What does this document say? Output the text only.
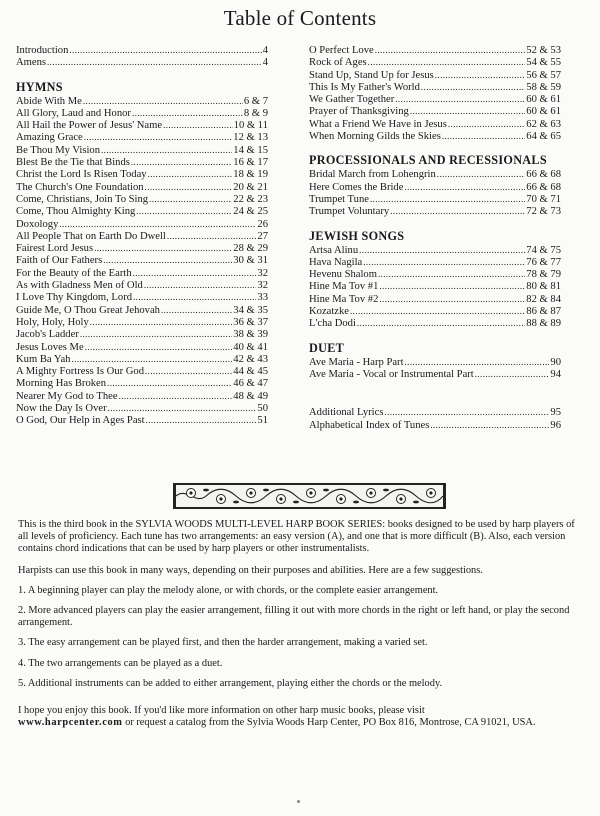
Table of Contents
Introduction .....	4
Amens .....	4
HYMNS
Abide With Me .....	6 & 7
All Glory, Laud and Honor .....	8 & 9
All Hail the Power of Jesus' Name .....	10 & 11
Amazing Grace .....	12 & 13
Be Thou My Vision .....	14 & 15
Blest Be the Tie that Binds .....	16 & 17
Christ the Lord Is Risen Today .....	18 & 19
The Church's One Foundation .....	20 & 21
Come, Christians, Join To Sing .....	22 & 23
Come, Thou Almighty King .....	24 & 25
Doxology .....	26
All People That on Earth Do Dwell .....	27
Fairest Lord Jesus .....	28 & 29
Faith of Our Fathers .....	30 & 31
For the Beauty of the Earth .....	32
As with Gladness Men of Old .....	32
I Love Thy Kingdom, Lord .....	33
Guide Me, O Thou Great Jehovah .....	34 & 35
Holy, Holy, Holy .....	36 & 37
Jacob's Ladder .....	38 & 39
Jesus Loves Me .....	40 & 41
Kum Ba Yah .....	42 & 43
A Mighty Fortress Is Our God .....	44 & 45
Morning Has Broken .....	46 & 47
Nearer My God to Thee .....	48 & 49
Now the Day Is Over .....	50
O God, Our Help in Ages Past .....	51
O Perfect Love .....	52 & 53
Rock of Ages .....	54 & 55
Stand Up, Stand Up for Jesus .....	56 & 57
This Is My Father's World .....	58 & 59
We Gather Together .....	60 & 61
Prayer of Thanksgiving .....	60 & 61
What a Friend We Have in Jesus .....	62 & 63
When Morning Gilds the Skies .....	64 & 65
PROCESSIONALS AND RECESSIONALS
Bridal March from Lohengrin .....	66 & 68
Here Comes the Bride .....	66 & 68
Trumpet Tune .....	70 & 71
Trumpet Voluntary .....	72 & 73
JEWISH SONGS
Artsa Alinu .....	74 & 75
Hava Nagila .....	76 & 77
Hevenu Shalom .....	78 & 79
Hine Ma Tov #1 .....	80 & 81
Hine Ma Tov #2 .....	82 & 84
Kozatzke .....	86 & 87
L'cha Dodi .....	88 & 89
DUET
Ave Maria - Harp Part .....	90
Ave Maria - Vocal or Instrumental Part .....	94
Additional Lyrics .....	95
Alphabetical Index of Tunes .....	96

This is the third book in the SYLVIA WOODS MULTI-LEVEL HARP BOOK SERIES: books designed to be used by harp players of all levels of proficiency. Each tune has two arrangements: an easy version (A), and one that is more difficult (B). Also, each version contains chord indications that can be used by harp players or other instrumentalists.

Harpists can use this book in many ways, depending on their purposes and abilities. Here are a few suggestions.

1. A beginning player can play the melody alone, or with chords, or the complete easier arrangement.

2. More advanced players can play the easier arrangement, filling it out with more chords in the right or left hand, or play the second arrangement.

3. The easy arrangement can be played first, and then the harder arrangement, making a varied set.

4. The two arrangements can be played as a duet.

5. Additional instruments can be added to either arrangement, playing either the chords or the melody.

I hope you enjoy this book. If you'd like more information on other harp music books, please visit
www.harpcenter.com or request a catalog from the Sylvia Woods Harp Center, PO Box 816, Montrose, CA 91021, USA.
